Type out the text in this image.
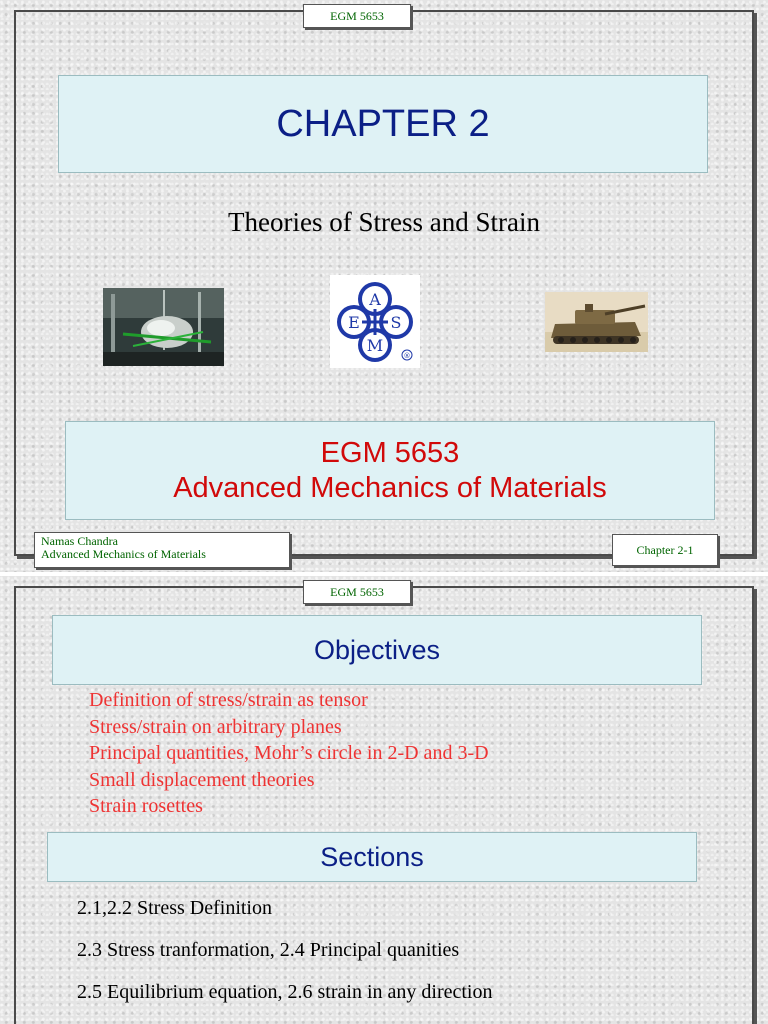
EGM 5653
CHAPTER 2
Theories of Stress and Strain
A
E S
M
®
EGM 5653
Advanced Mechanics of Materials
Namas Chandra
Advanced Mechanics of Materials	Chapter 2-1
EGM 5653
Objectives
Definition of stress/strain as tensor
Stress/strain on arbitrary planes
Principal quantities, Mohr’s circle in 2-D and 3-D
Small displacement theories
Strain rosettes
Sections
2.1,2.2 Stress Definition
2.3 Stress tranformation, 2.4 Principal quanities
2.5 Equilibrium equation, 2.6 strain in any direction
